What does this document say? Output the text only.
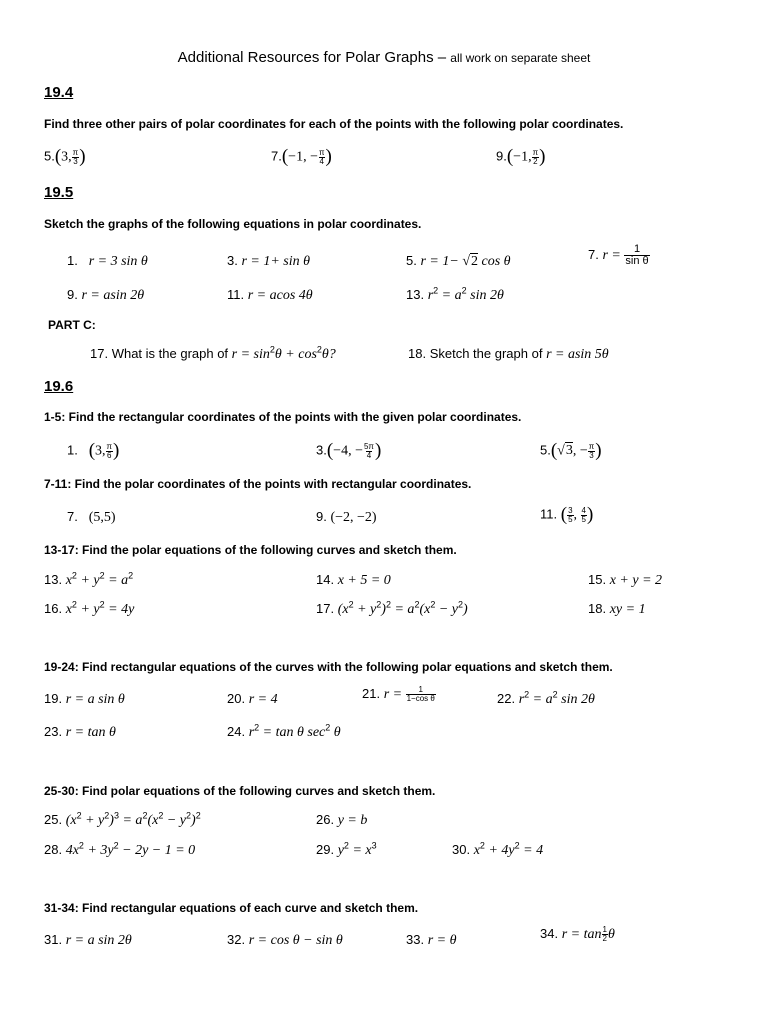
Additional Resources for Polar Graphs – all work on separate sheet
19.4
Find three other pairs of polar coordinates for each of the points with the following polar coordinates.
5.(3, $\frac{\pi}{3}$ )	7.(−1, − $\frac{\pi}{4}$ )	9.(−1, $\frac{\pi}{2}$ )
19.5
Sketch the graphs of the following equations in polar coordinates.
1. r = 3 sin θ	3. r = 1+ sin θ	5. r = 1− √2 cos θ	7. $r = \frac{1}{\text{sin θ}}$
9. r = asin 2θ	11. r = acos 4θ	13. $r^2 = a^2$ sin 2θ
PART C:
17. What is the graph of $r = \sin^2\theta + \cos^2\theta$?	18. Sketch the graph of r = asin 5θ
19.6
1-5: Find the rectangular coordinates of the points with the given polar coordinates.
1. (3, $\frac{\pi}{6}$ )	3.(−4, − $\frac{5\pi}{4}$ )	5.(√3, − $\frac{\pi}{3}$ )
7-11: Find the polar coordinates of the points with rectangular coordinates.
7. (5,5)	9. (−2, −2)	11. ( $\frac{3}{5}$ , $\frac{4}{5}$ )
13-17: Find the polar equations of the following curves and sketch them.
13. $x^2 + y^2 = a^2$	14. x + 5 = 0	15. x + y = 2
16. $x^2 + y^2 = 4y$	17. $(x^2 + y^2)^2 = a^2(x^2 - y^2)$	18. xy = 1
19-24: Find rectangular equations of the curves with the following polar equations and sketch them.
19. r = a sin θ	20. r = 4	21. $r = \frac{1}{\text{1−cos θ}}$	22. $r^2 = a^2$ sin 2θ
23. r = tan θ	24. $r^2 = \tan \theta$ $\sec^2 \theta$
25-30: Find polar equations of the following curves and sketch them.
25. $(x^2 + y^2)^3 = a^2(x^2 - y^2)^2$	26. y = b
28. $4x^2 + 3y^2 - 2y - 1 = 0$	29. $y^2 = x^3$	30. $x^2 + 4y^2 = 4$
31-34: Find rectangular equations of each curve and sketch them.
31. r = a sin 2θ	32. r = cos θ − sin θ	33. r = θ	34. $r = \tan \frac{1}{2}$ θ
